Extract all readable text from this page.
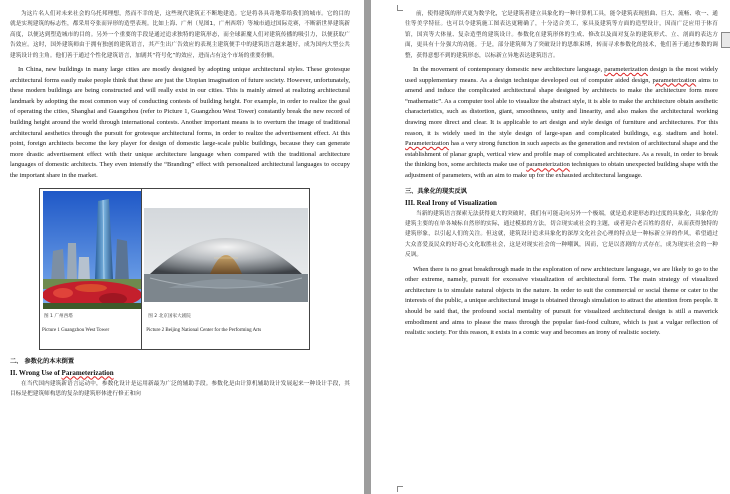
为这片名人们对未来社会的乌托邦理想，然而不幸的是，这些现代建筑正不断地建造。它是将各具奇地带给我们的城市。它的目的就是实现建筑的标志性，都采用夸张而异形的造型表现。比如上海、广州（见图1，广州西塔）等城市通过国际竞赛，不断新世界建筑新高度，以便达到塑造城市的目的。另外一个重要的手段是通过追求独特的建筑形态，而全球新魔人们对建筑传播的吸引力，以便获取广告效应。这时，国外建筑师由于拥有独创的建筑语言，其产生出广告效应的表现主建筑便手中的建筑语言越来越好，成为国内大型公共建筑设计的主角。他们善于通过个性化建筑语言，加剧其“符号化”的效应，进而占有这个市场的重要份额。

In China, new buildings in many large cities are mostly designed by adopting unique architectural styles. These grotesque architectural forms easily make people think that these are just the Utopian imagination of future society. However, unfortunately, these modern buildings are being constructed and will really exist in our cities. This is mainly aimed at realizing architectural landmark by adopting the most common way of conducting contests of building height. For example, in order to realize the goal of operating the cities, Shanghai and Guangzhou (refer to Picture 1, Guangzhou West Tower) constantly break the new record of building height around the world through international contests. Another important means is to overturn the image of traditional architectural aesthetics through the pursuit for grotesque architectural forms, in order to realize the advertisement effect. At this point, foreign architects become the key player for design of domestic large-scale public buildings, because they can generate more drastic advertisement effect with their unique architecture language when compared with the traditional architecture languages of domestic architects. They even intensify the “Branding” effect with personalized architectural languages to occupy the important share in the market.

图 1 广州西塔
Picture 1 Guangzhou West Tower
图 2 北京国家大剧院
Picture 2 Beijing National Center for the Performing Arts

二、 参数化的本末倒置

II. Wrong Use of Parameterization

在当代国内建筑新语言运动中，参数化设计是运用新最为广泛的辅助手段。参数化是由计算机辅助设计发展起来一种设计手段，其目标是把建筑师构思的复杂的建筑形体进行修正和向

前，使得建筑的形式更为数学化，它是建筑者建立具象化的一种计算机工具，能令建筑表现扭曲、巨大、流畅、收一、通往等美学特征。也可以令建筑施工图表达更精确了，十分适合美工，家具及建筑等方面的造型设计，因而广泛应用于体育馆，国宾等大体量、复杂造型的建筑设计。参数化在建筑形体的生成、修改以及面对复杂的建筑形式、立、剖面的表达方面，更具有十分强大的功能。于是，部分建筑师为了突破设计的思维束缚，转而寻求参数化的技术，他们善于通过参数的调整，获得意想不到的建筑形态，以标新立异地表达建筑语言。

In the movement of contemporary domestic new architecture language, parameterization design is the most widely used supplementary means. As a design technique developed out of computer aided design, parameterization aims to amend and induce the complicated architectural shape designed by architects to make the architecture form more “mathematic”. As a computer tool able to visualize the abstract style, it is able to make the architecture obtain aesthetic characteristics, such as distortion, giant, smoothness, unity and linearity, and also makes the architectural working drawing more direct and clear. It is applicable to art design and style design of furniture and architectures. For this reason, it is widely used in the style design of large-span and complicated buildings, e.g. stadium and hotel. Parameterization has a very strong function in such aspects as the generation and revision of architectural shape and the establishment of planar graph, vertical view and profile map of complicated architecture. As a result, in order to break the thinking box, some architects make use of parameterization techniques to obtain unexpected building shape with the adjustment of parameters, with an aim to make up for the exhausted architectural language.

三、具象化的现实反讽

III. Real Irony of Visualization

当新的建筑语言探索无法获得更大的突破时，我们有可能走向另外一个极端，就是追求建形态的过度的具象化，具象化的建筑主要的在单各城标自然形的实际，通过模拟的方法，切合现实或社会的主题，或者迎合老百姓的喜好，从而获得独特的建筑形象，以引起人们的关注。但这就，建筑设计追求具象化的深厚文化社会心理的特点是一种标新立异的作风，希望通过大众喜爱及民众的好奇心文化取胜社会，这是对现实社会的一种嘲讽，因而，它是以喜剧的方式存在，成为现实社会的一种反讽。

When there is no great breakthrough made in the exploration of new architecture language, we are likely to go to the other extreme, namely, pursuit for excessive visualization of architectural form. The main strategy of visualized architecture is to simulate natural objects in the nature. In order to suit the commercial or social theme or cater to the interests of the public, a unique architectural image is obtained through simulation to attract the attention from people. It should be said that, the profound social mentality of pursuit for visualized architectural design is still a maverick embodiment and aims to please the mass through the popular fast-food culture, which is just a vulgar reflection of realistic society. For this reason, it exists in a comic way and becomes an irony of realistic society.
